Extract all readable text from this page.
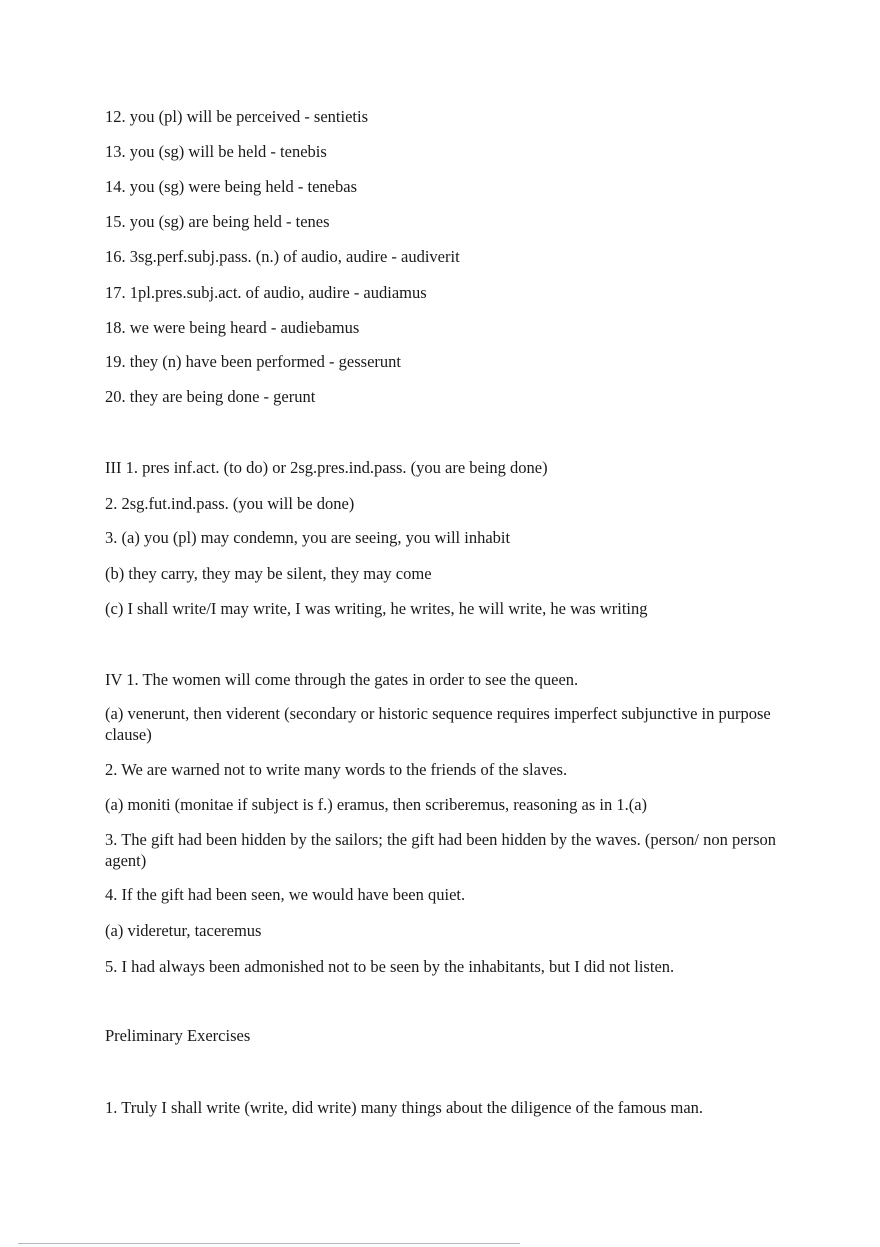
12. you (pl) will be perceived - sentietis
13. you (sg) will be held - tenebis
14. you (sg) were being held - tenebas
15. you (sg) are being held - tenes
16. 3sg.perf.subj.pass. (n.) of audio, audire - audiverit
17. 1pl.pres.subj.act. of audio, audire - audiamus
18. we were being heard - audiebamus
19. they (n) have been performed - gesserunt
20. they are being done - gerunt
III 1. pres inf.act. (to do) or 2sg.pres.ind.pass. (you are being done)
2. 2sg.fut.ind.pass. (you will be done)
3. (a) you (pl) may condemn, you are seeing, you will inhabit
(b) they carry, they may be silent, they may come
(c) I shall write/I may write, I was writing, he writes, he will write, he was writing
IV 1. The women will come through the gates in order to see the queen.
(a) venerunt, then viderent (secondary or historic sequence requires imperfect subjunctive in purpose clause)
2. We are warned not to write many words to the friends of the slaves.
(a) moniti (monitae if subject is f.) eramus, then scriberemus, reasoning as in 1.(a)
3. The gift had been hidden by the sailors; the gift had been hidden by the waves. (person/ non person agent)
4. If the gift had been seen, we would have been quiet.
(a) videretur, taceremus
5. I had always been admonished not to be seen by the inhabitants, but I did not listen.
Preliminary Exercises
1. Truly I shall write (write, did write) many things about the diligence of the famous man.
